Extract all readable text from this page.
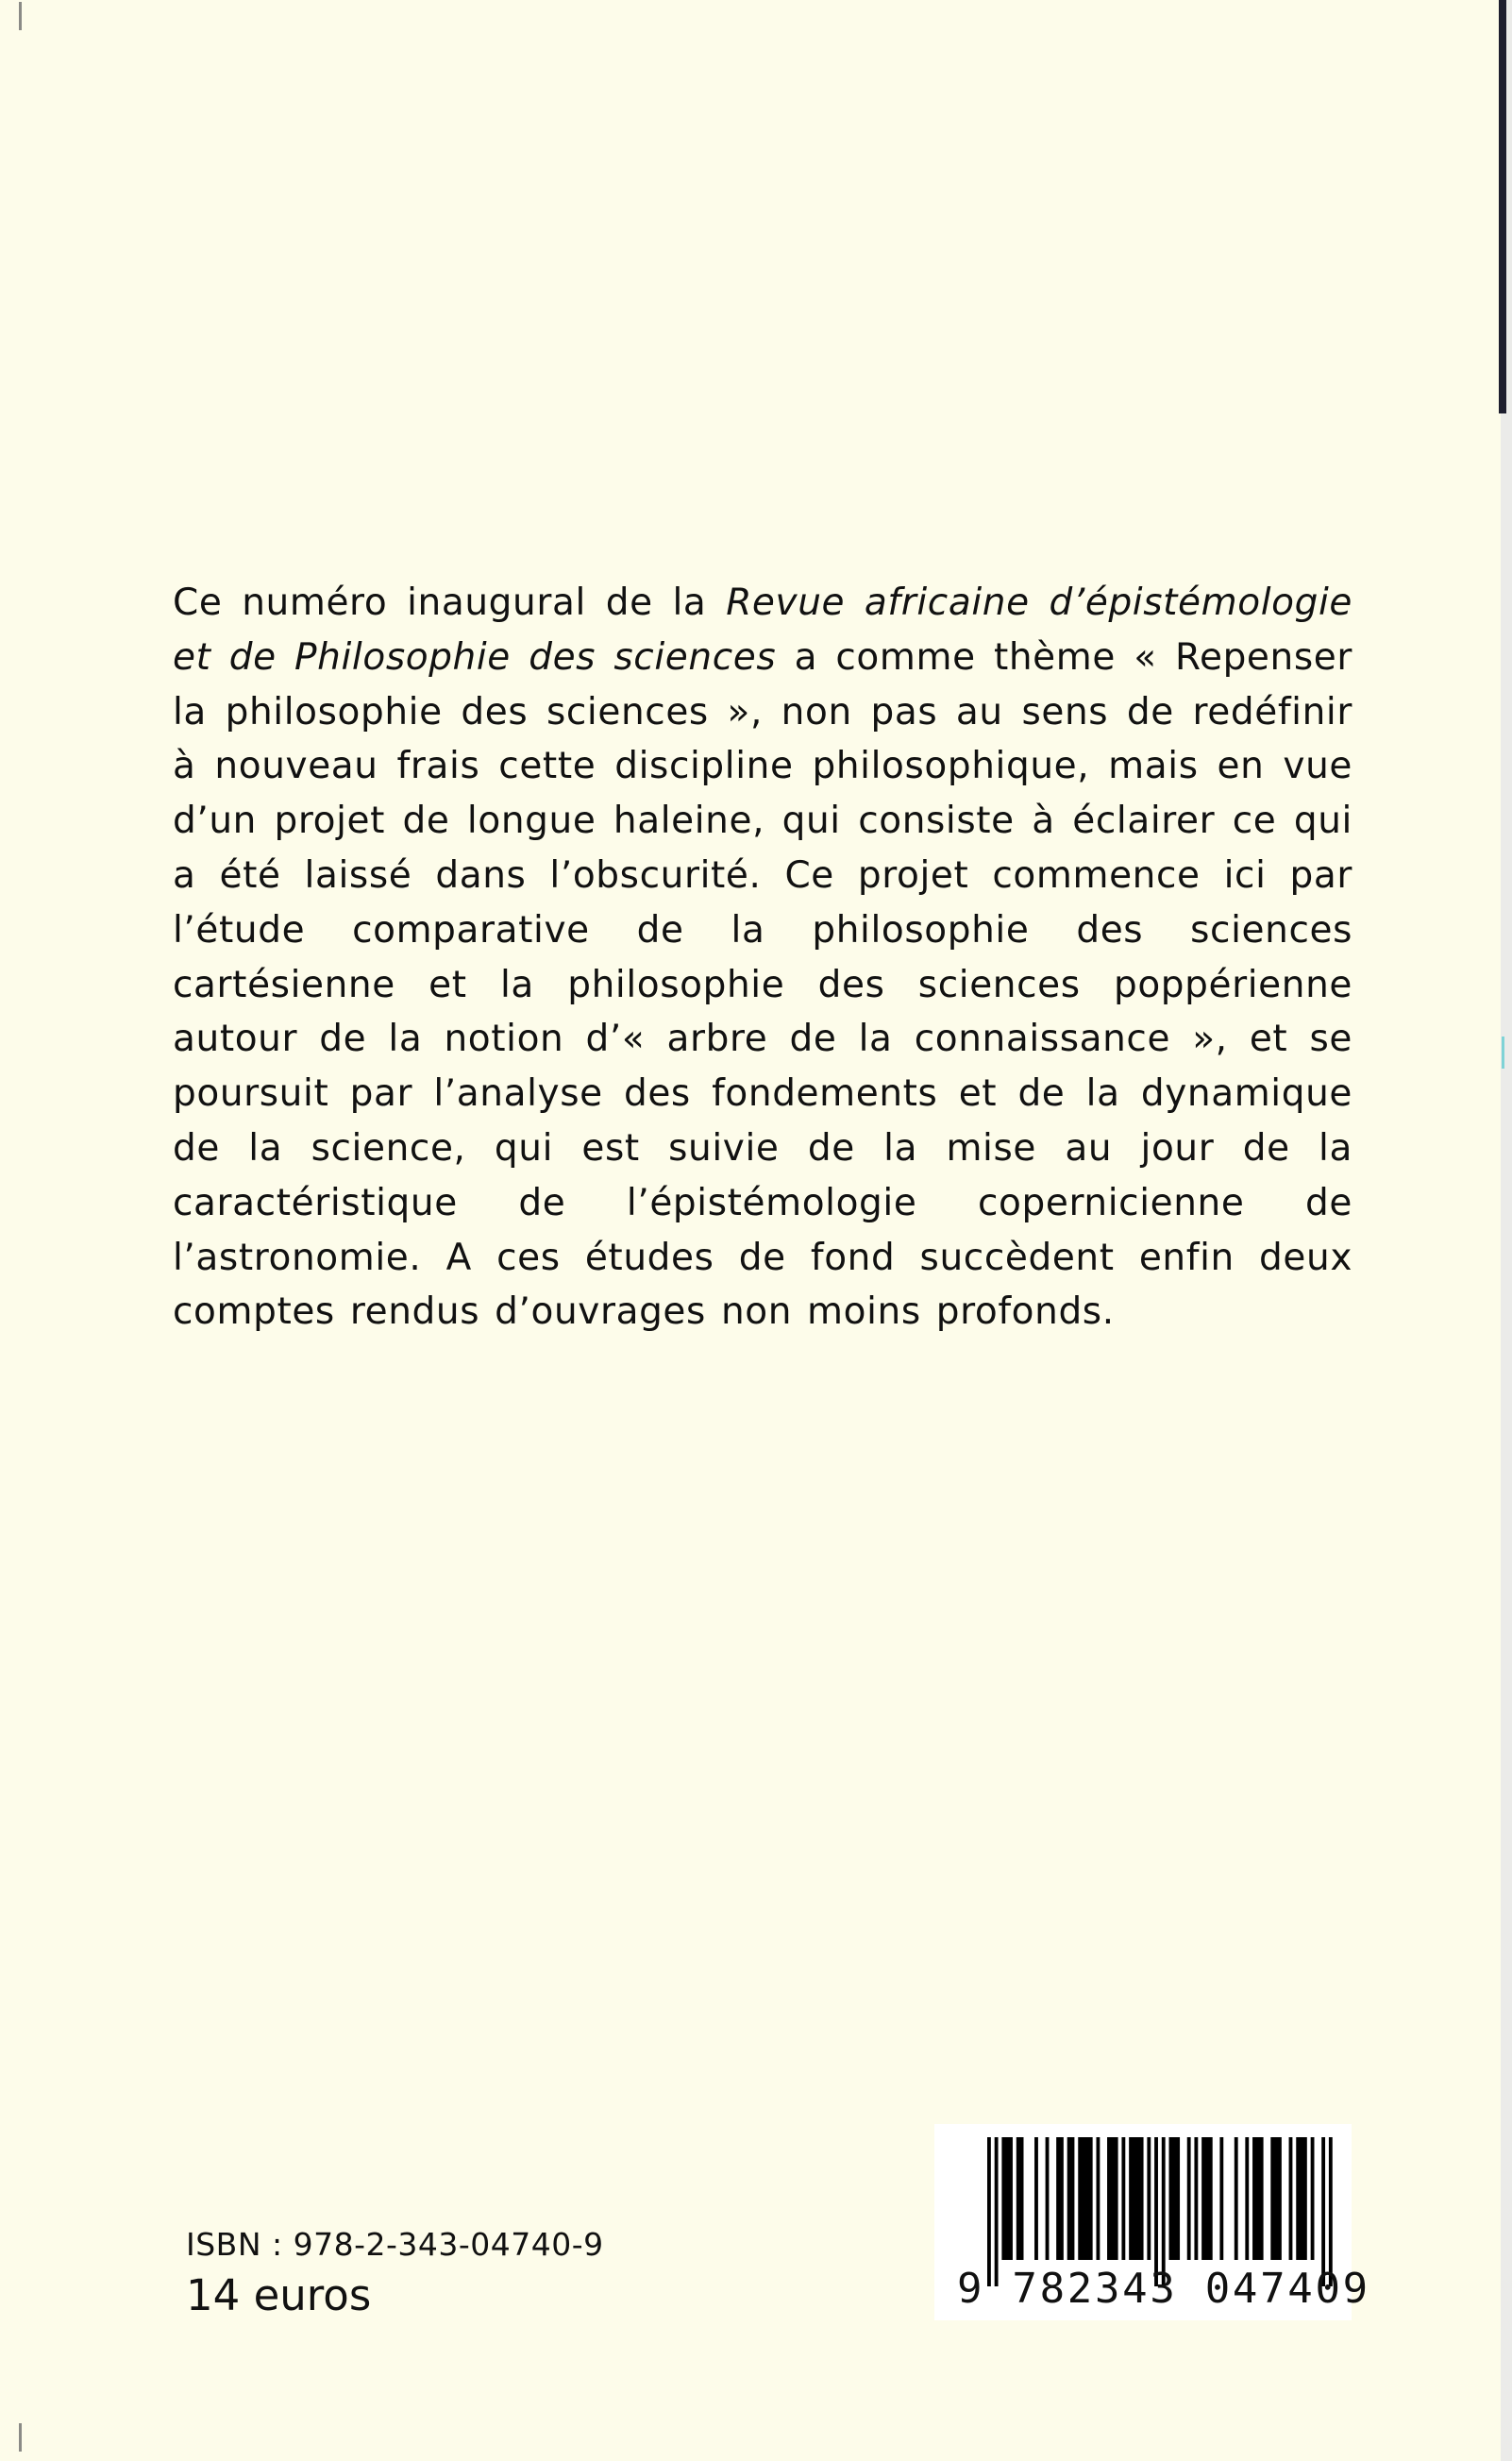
Ce numéro inaugural de la Revue africaine d’épistémologie et de Philosophie des sciences a comme thème « Repenser la philosophie des sciences », non pas au sens de redéfinir à nouveau frais cette discipline philosophique, mais en vue d’un projet de longue haleine, qui consiste à éclairer ce qui a été laissé dans l’obscurité. Ce projet commence ici par l’étude comparative de la philosophie des sciences cartésienne et la philosophie des sciences poppérienne autour de la notion d’« arbre de la connaissance », et se poursuit par l’analyse des fondements et de la dynamique de la science, qui est suivie de la mise au jour de la caractéristique de l’épistémologie copernicienne de l’astronomie. A ces études de fond succèdent enfin deux comptes rendus d’ouvrages non moins profonds.

ISBN : 978-2-343-04740-9
14 euros	9 782343 047409
